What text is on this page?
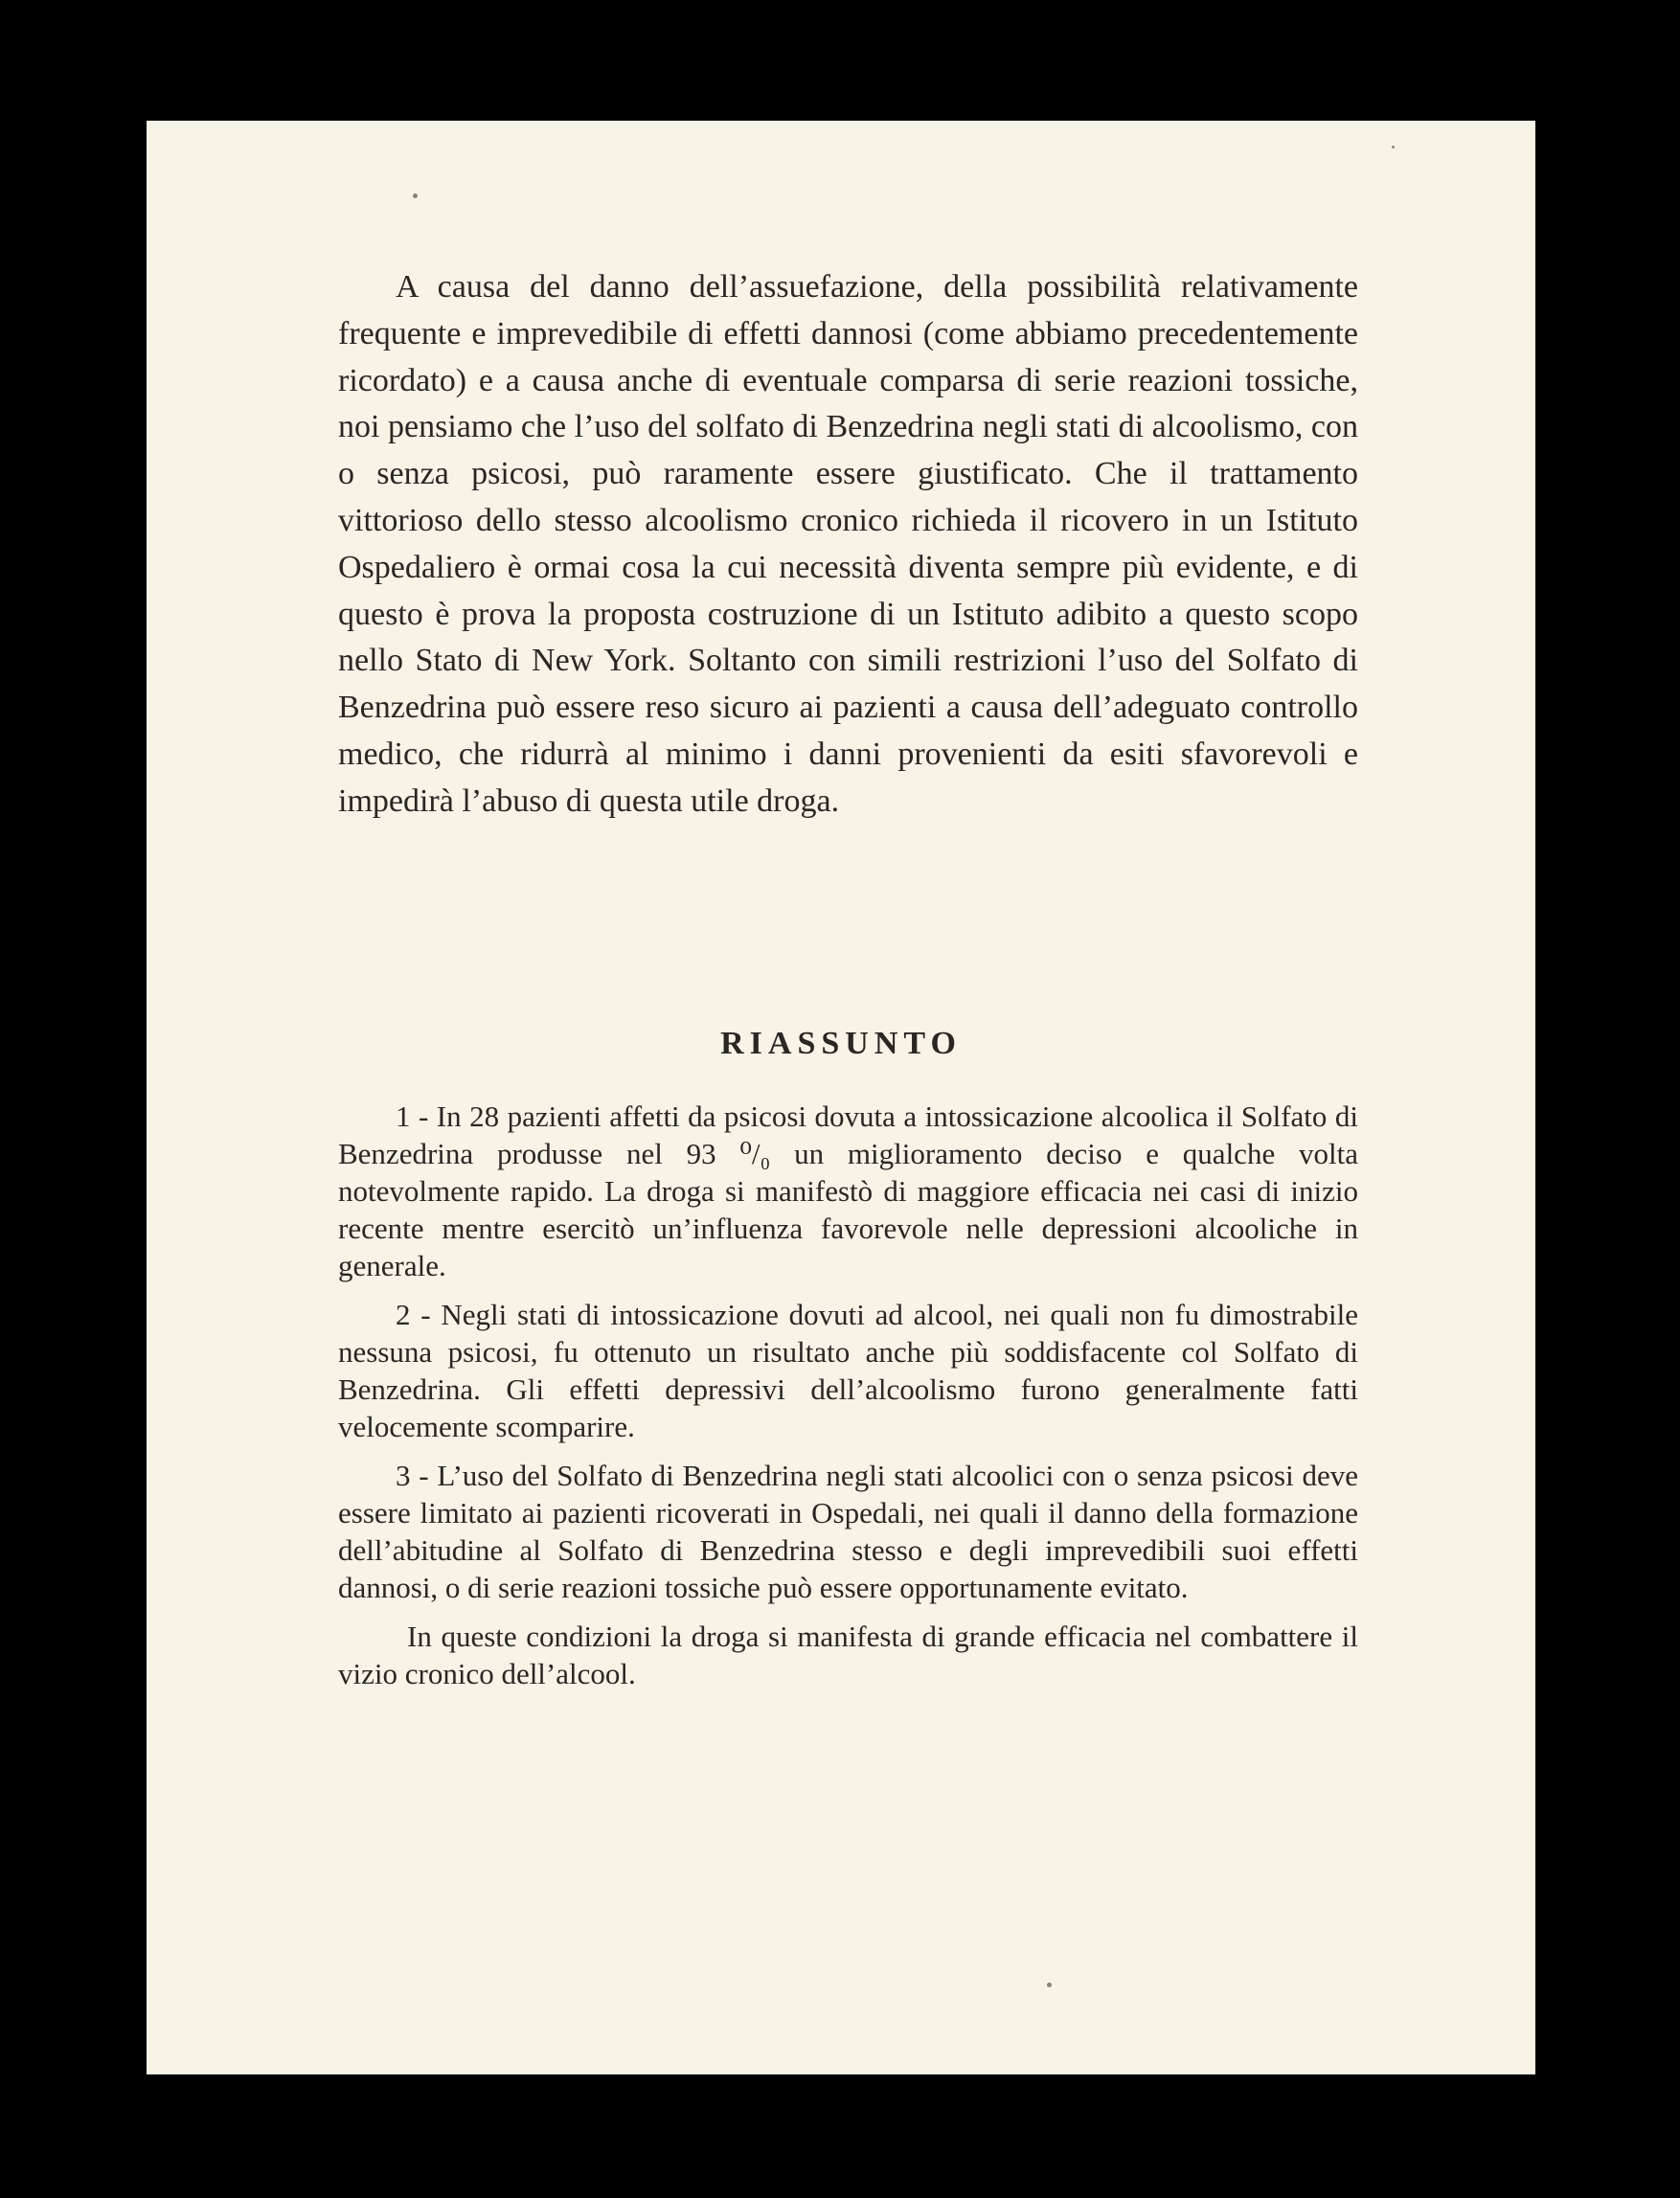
A causa del danno dell’assuefazione, della possibilità relativamente frequente e imprevedibile di effetti dannosi (come abbiamo precedentemente ricordato) e a causa anche di eventuale comparsa di serie reazioni tossiche, noi pensiamo che l’uso del solfato di Benzedrina negli stati di alcoolismo, con o senza psicosi, può raramente essere giustificato. Che il trattamento vittorioso dello stesso alcoolismo cronico richieda il ricovero in un Istituto Ospedaliero è ormai cosa la cui necessità diventa sempre più evidente, e di questo è prova la proposta costruzione di un Istituto adibito a questo scopo nello Stato di New York. Soltanto con simili restrizioni l’uso del Solfato di Benzedrina può essere reso sicuro ai pazienti a causa dell’adeguato controllo medico, che ridurrà al minimo i danni provenienti da esiti sfavorevoli e impedirà l’abuso di questa utile droga.

RIASSUNTO

1 - In 28 pazienti affetti da psicosi dovuta a intossicazione alcoolica il Solfato di Benzedrina produsse nel 93 ⁰/₀ un miglioramento deciso e qualche volta notevolmente rapido. La droga si manifestò di maggiore efficacia nei casi di inizio recente mentre esercitò un’influenza favorevole nelle depressioni alcooliche in generale.

2 - Negli stati di intossicazione dovuti ad alcool, nei quali non fu dimostrabile nessuna psicosi, fu ottenuto un risultato anche più soddisfacente col Solfato di Benzedrina. Gli effetti depressivi dell’alcoolismo furono generalmente fatti velocemente scomparire.

3 - L’uso del Solfato di Benzedrina negli stati alcoolici con o senza psicosi deve essere limitato ai pazienti ricoverati in Ospedali, nei quali il danno della formazione dell’abitudine al Solfato di Benzedrina stesso e degli imprevedibili suoi effetti dannosi, o di serie reazioni tossiche può essere opportunamente evitato.

In queste condizioni la droga si manifesta di grande efficacia nel combattere il vizio cronico dell’alcool.
